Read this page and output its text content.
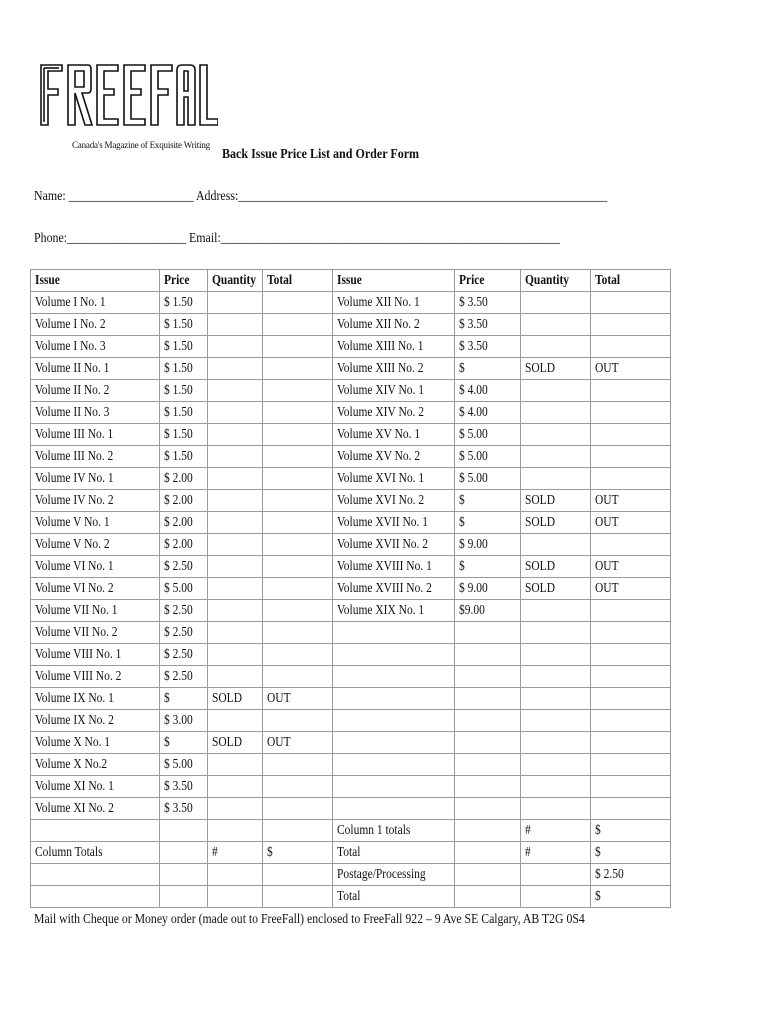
Canada's Magazine of Exquisite Writing
Back Issue Price List and Order Form
Name: _____________________ Address:______________________________________________________________
Phone:____________________ Email:_________________________________________________________
Issue	Price	Quantity	Total	Issue	Price	Quantity	Total
Volume I No. 1	$ 1.50			Volume XII No. 1	$ 3.50		
Volume I No. 2	$ 1.50			Volume XII No. 2	$ 3.50		
Volume I No. 3	$ 1.50			Volume XIII No. 1	$ 3.50		
Volume II No. 1	$ 1.50			Volume XIII No. 2	$	SOLD	OUT
Volume II No. 2	$ 1.50			Volume XIV No. 1	$ 4.00		
Volume II No. 3	$ 1.50			Volume XIV No. 2	$ 4.00		
Volume III No. 1	$ 1.50			Volume XV No. 1	$ 5.00		
Volume III No. 2	$ 1.50			Volume XV No. 2	$ 5.00		
Volume IV No. 1	$ 2.00			Volume XVI No. 1	$ 5.00		
Volume IV No. 2	$ 2.00			Volume XVI No. 2	$	SOLD	OUT
Volume V No. 1	$ 2.00			Volume XVII No. 1	$	SOLD	OUT
Volume V No. 2	$ 2.00			Volume XVII No. 2	$ 9.00		
Volume VI No. 1	$ 2.50			Volume XVIII No. 1	$	SOLD	OUT
Volume VI No. 2	$ 5.00			Volume XVIII No. 2	$ 9.00	SOLD	OUT
Volume VII No. 1	$ 2.50			Volume XIX No. 1	$9.00		
Volume VII No. 2	$ 2.50						
Volume VIII No. 1	$ 2.50						
Volume VIII No. 2	$ 2.50						
Volume IX No. 1	$	SOLD	OUT				
Volume IX No. 2	$ 3.00						
Volume X No. 1	$	SOLD	OUT				
Volume X No.2	$ 5.00						
Volume XI No. 1	$ 3.50						
Volume XI No. 2	$ 3.50						
				Column 1 totals		#	$
Column Totals		#	$	Total		#	$
				Postage/Processing			$ 2.50
				Total			$
Mail with Cheque or Money order (made out to FreeFall) enclosed to FreeFall 922 – 9 Ave SE Calgary, AB T2G 0S4
